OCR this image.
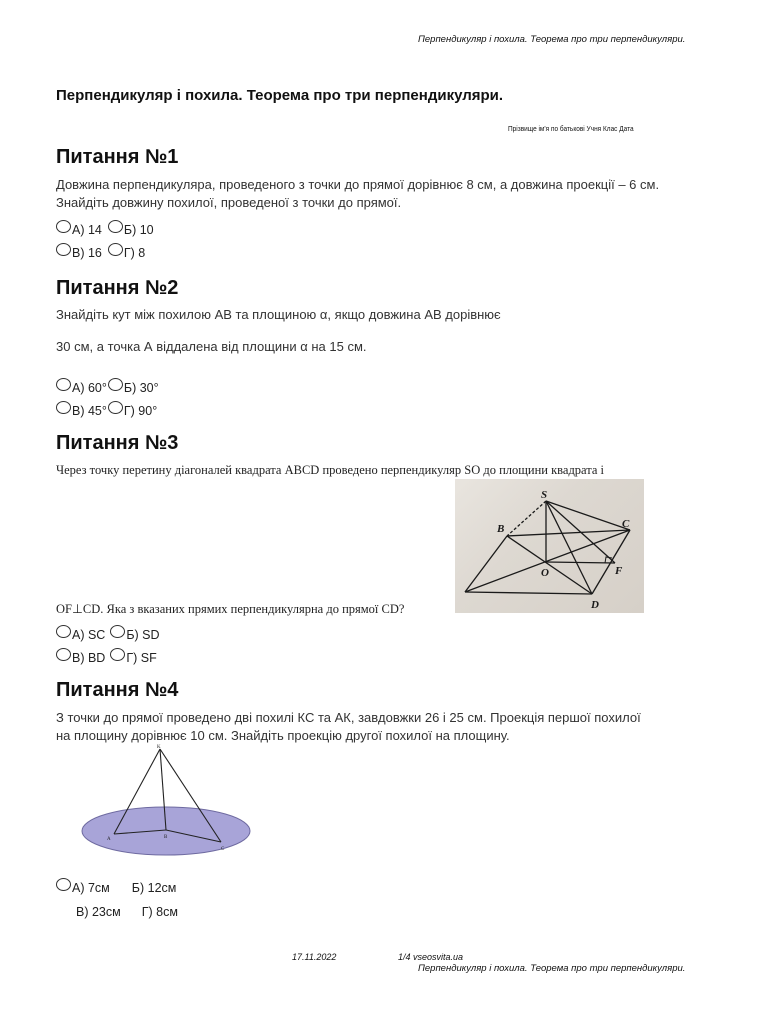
Перпендикуляр і похила. Теорема про три перпендикуляри.
Перпендикуляр і похила. Теорема про три перпендикуляри.
Прізвище ім'я по батькові Учня Клас Дата
Питання №1
Довжина перпендикуляра, проведеного з точки до прямої дорівнює 8 см, а довжина проекції – 6 см. Знайдіть довжину похилої, проведеної з точки до прямої.
А) 14 Б) 10
В) 16 Г) 8
Питання №2
Знайдіть кут між похилою АВ та площиною α, якщо довжина АВ дорівнює
30 см, а точка А віддалена від площини α на 15 см.
А) 60° Б) 30°
В) 45° Г) 90°
Питання №3
Через точку перетину діагоналей квадрата ABCD проведено перпендикуляр SO до площини квадрата і
S
B	C
O	F
D
OF⊥CD. Яка з вказаних прямих перпендикулярна до прямої CD?
А) SC Б) SD
В) BD Г) SF
Питання №4
З точки до прямої проведено дві похилі КС та АК, завдовжки 26 і 25 см. Проекція першої похилої на площину дорівнює 10 см. Знайдіть проекцію другої похилої на площину.
K
A	B
C
А) 7см Б) 12см
В) 23см Г) 8см
17.11.2022	1/4 vseosvita.ua
Перпендикуляр і похила. Теорема про три перпендикуляри.
